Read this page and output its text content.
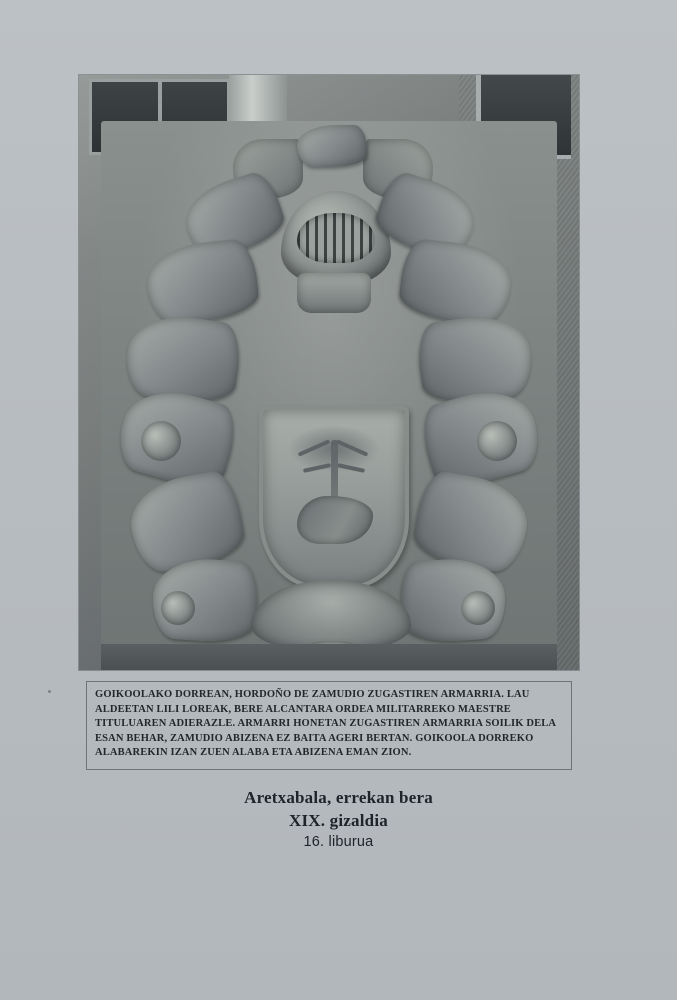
GOIKOOLAKO DORREAN, HORDOÑO DE ZAMUDIO ZUGASTIREN ARMARRIA. LAU
ALDEETAN LILI LOREAK, BERE ALCANTARA ORDEA MILITARREKO MAESTRE
TITULUAREN ADIERAZLE. ARMARRI HONETAN ZUGASTIREN ARMARRIA SOILIK DELA
ESAN BEHAR, ZAMUDIO ABIZENA EZ BAITA AGERI BERTAN. GOIKOOLA DORREKO
ALABAREKIN IZAN ZUEN ALABA ETA ABIZENA EMAN ZION.
Aretxabala, errekan bera
XIX. gizaldia
16. liburua
